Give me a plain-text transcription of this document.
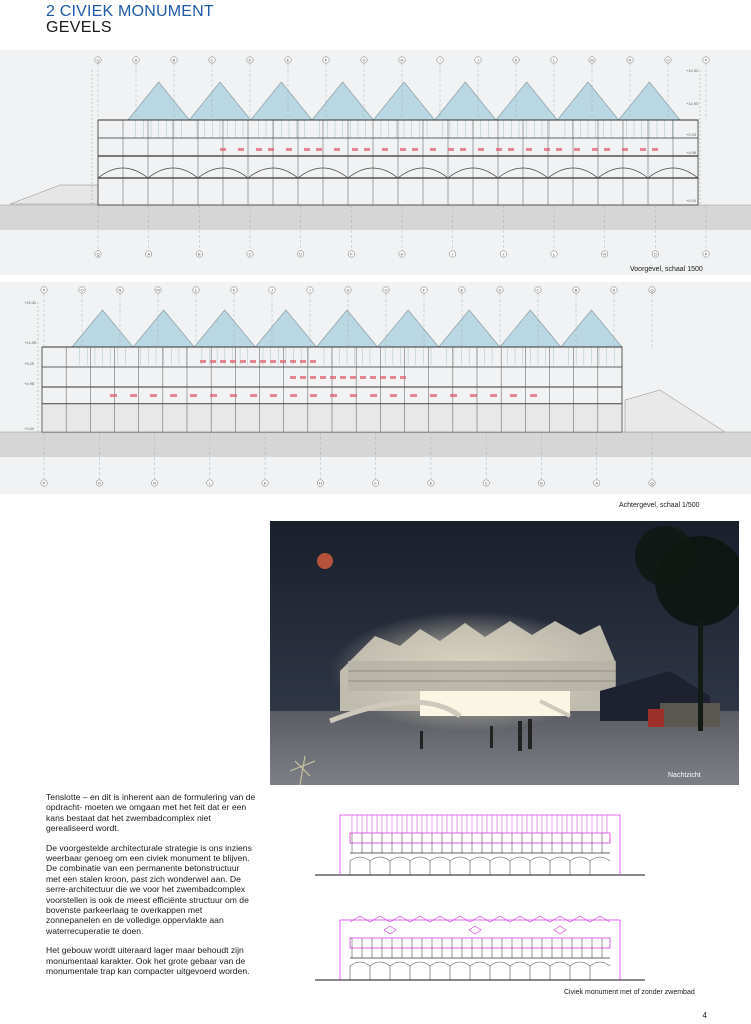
2 CIVIEK MONUMENT
GEVELS
+19,32
+14,95
+9,25
+4,98
+0,00
Q	A	B	C	D	E	F	G	H	I	J	K	L	M	N	O	P
Q	A	B	C	D	F	H	I	J	L	N	O	P
Voorgevel, schaal 1500
+19,32
+14,95
+9,25
+4,98
+0,00
P	O	N	M	L	K	J	I	H	G	F	E	D	C	B	A	Q
P	O	N	L	K	H	F	E	C	B	A	Q
Achtergevel, schaal 1/500
Nachtzicht

Tenslotte – en dit is inherent aan de formulering van de opdracht- moeten we omgaan met het feit dat er een kans bestaat dat het zwembadcomplex niet gerealiseerd wordt.

De voorgestelde architecturale strategie is ons inziens weerbaar genoeg om een civiek monument te blijven. De combinatie van een permanente betonstructuur met een stalen kroon, past zich wonderwel aan. De serre-architectuur die we voor het zwembadcomplex voorstellen is ook de meest efficiënte structuur om de bovenste parkeerlaag te overkappen met zonnepanelen en de volledige oppervlakte aan waterrecuperatie te doen.

Het gebouw wordt uiteraard lager maar behoudt zijn monumentaal karakter. Ook het grote gebaar van de monumentale trap kan compacter uitgevoerd worden.

Civiek monument met of zonder zwembad
4
